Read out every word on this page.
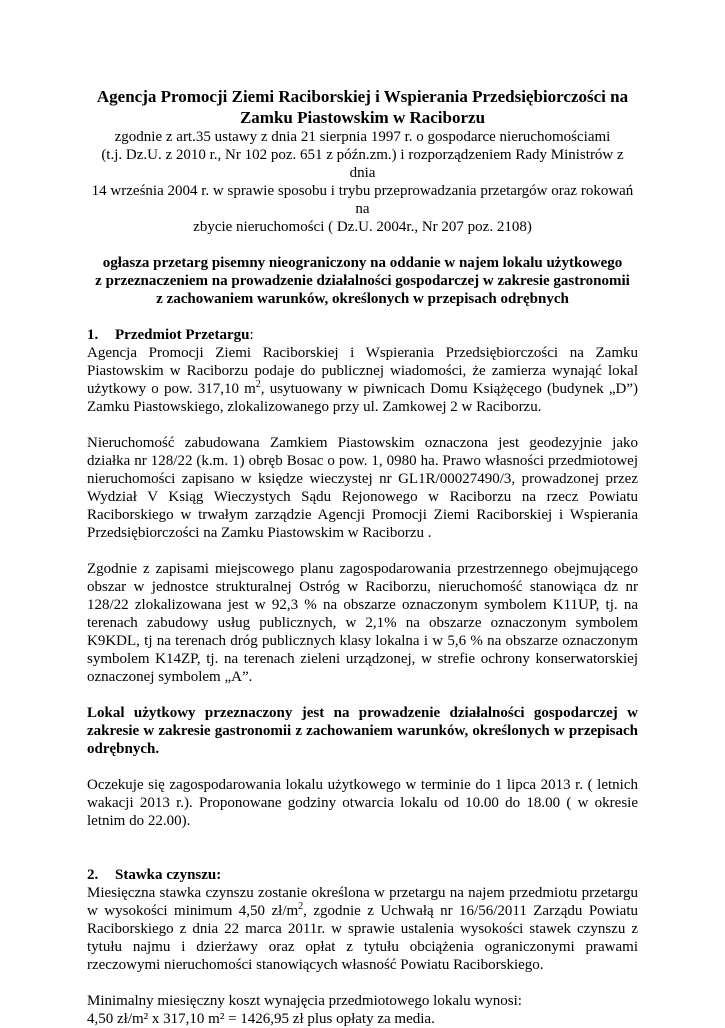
Agencja Promocji Ziemi Raciborskiej i Wspierania Przedsiębiorczości na
Zamku Piastowskim w Raciborzu
zgodnie z art.35 ustawy z dnia 21 sierpnia 1997 r. o gospodarce nieruchomościami
(t.j. Dz.U. z 2010 r., Nr 102 poz. 651 z późn.zm.) i rozporządzeniem Rady Ministrów z dnia
14 września 2004 r. w sprawie sposobu i trybu przeprowadzania przetargów oraz rokowań na
zbycie nieruchomości ( Dz.U. 2004r., Nr 207 poz. 2108)
ogłasza przetarg pisemny nieograniczony na oddanie w najem lokalu użytkowego
z przeznaczeniem na prowadzenie działalności gospodarczej w zakresie gastronomii
z zachowaniem warunków, określonych w przepisach odrębnych
1. Przedmiot Przetargu:

Agencja Promocji Ziemi Raciborskiej i Wspierania Przedsiębiorczości na Zamku Piastowskim w Raciborzu podaje do publicznej wiadomości, że zamierza wynająć lokal użytkowy o pow. 317,10 $m^2$, usytuowany w piwnicach Domu Książęcego (budynek „D”) Zamku Piastowskiego, zlokalizowanego przy ul. Zamkowej 2 w Raciborzu.

Nieruchomość zabudowana Zamkiem Piastowskim oznaczona jest geodezyjnie jako działka nr 128/22 (k.m. 1) obręb Bosac o pow. 1, 0980 ha. Prawo własności przedmiotowej nieruchomości zapisano w księdze wieczystej nr GL1R/00027490/3, prowadzonej przez Wydział V Ksiąg Wieczystych Sądu Rejonowego w Raciborzu na rzecz Powiatu Raciborskiego w trwałym zarządzie Agencji Promocji Ziemi Raciborskiej i Wspierania Przedsiębiorczości na Zamku Piastowskim w Raciborzu .

Zgodnie z zapisami miejscowego planu zagospodarowania przestrzennego obejmującego obszar w jednostce strukturalnej Ostróg w Raciborzu, nieruchomość stanowiąca dz nr 128/22 zlokalizowana jest w 92,3 % na obszarze oznaczonym symbolem K11UP, tj. na terenach zabudowy usług publicznych, w 2,1% na obszarze oznaczonym symbolem K9KDL, tj na terenach dróg publicznych klasy lokalna i w 5,6 % na obszarze oznaczonym symbolem K14ZP, tj. na terenach zieleni urządzonej, w strefie ochrony konserwatorskiej oznaczonej symbolem „A”.

Lokal użytkowy przeznaczony jest na prowadzenie działalności gospodarczej w zakresie w zakresie gastronomii z zachowaniem warunków, określonych w przepisach odrębnych.

Oczekuje się zagospodarowania lokalu użytkowego w terminie do 1 lipca 2013 r. ( letnich wakacji 2013 r.). Proponowane godziny otwarcia lokalu od 10.00 do 18.00 ( w okresie letnim do 22.00).

2. Stawka czynszu:

Miesięczna stawka czynszu zostanie określona w przetargu na najem przedmiotu przetargu w wysokości minimum 4,50 $zł/m^2$, zgodnie z Uchwałą nr 16/56/2011 Zarządu Powiatu Raciborskiego z dnia 22 marca 2011r. w sprawie ustalenia wysokości stawek czynszu z tytułu najmu i dzierżawy oraz opłat z tytułu obciążenia ograniczonymi prawami rzeczowymi nieruchomości stanowiących własność Powiatu Raciborskiego.

Minimalny miesięczny koszt wynajęcia przedmiotowego lokalu wynosi:
4,50 zł/m² x 317,10 m² = 1426,95 zł plus opłaty za media.
